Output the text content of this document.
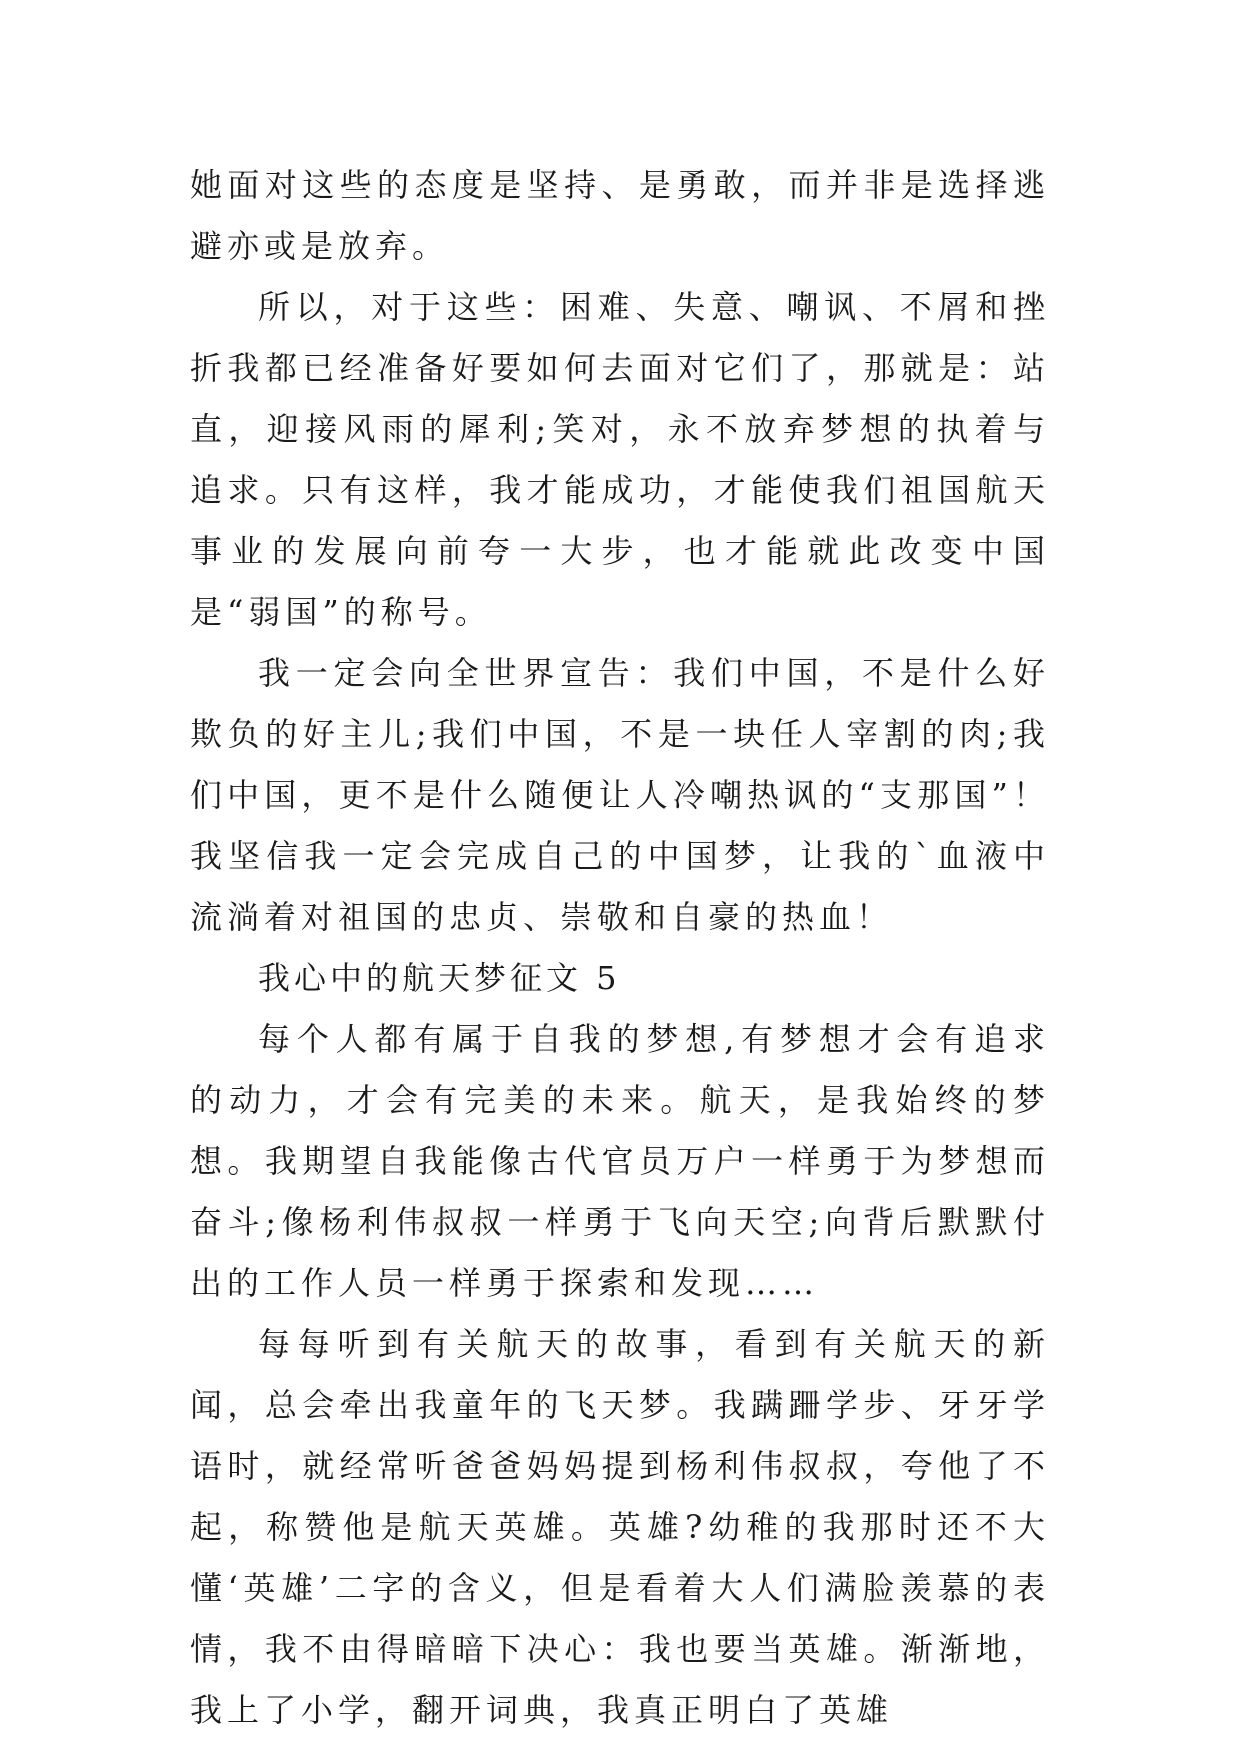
她面对这些的态度是坚持、是勇敢，而并非是选择逃避亦或是放弃。

所以，对于这些：困难、失意、嘲讽、不屑和挫折我都已经准备好要如何去面对它们了，那就是：站直，迎接风雨的犀利;笑对，永不放弃梦想的执着与追求。只有这样，我才能成功，才能使我们祖国航天事业的发展向前夸一大步，也才能就此改变中国是“弱国”的称号。

我一定会向全世界宣告：我们中国，不是什么好欺负的好主儿;我们中国，不是一块任人宰割的肉;我们中国，更不是什么随便让人冷嘲热讽的“支那国”！我坚信我一定会完成自己的中国梦，让我的`血液中流淌着对祖国的忠贞、崇敬和自豪的热血！

我心中的航天梦征文 5

每个人都有属于自我的梦想,有梦想才会有追求的动力，才会有完美的未来。航天，是我始终的梦想。我期望自我能像古代官员万户一样勇于为梦想而奋斗;像杨利伟叔叔一样勇于飞向天空;向背后默默付出的工作人员一样勇于探索和发现……

每每听到有关航天的故事，看到有关航天的新闻，总会牵出我童年的飞天梦。我蹒跚学步、牙牙学语时，就经常听爸爸妈妈提到杨利伟叔叔，夸他了不起，称赞他是航天英雄。英雄?幼稚的我那时还不大懂‘英雄’二字的含义，但是看着大人们满脸羡慕的表情，我不由得暗暗下决心：我也要当英雄。渐渐地，我上了小学，翻开词典，我真正明白了英雄
